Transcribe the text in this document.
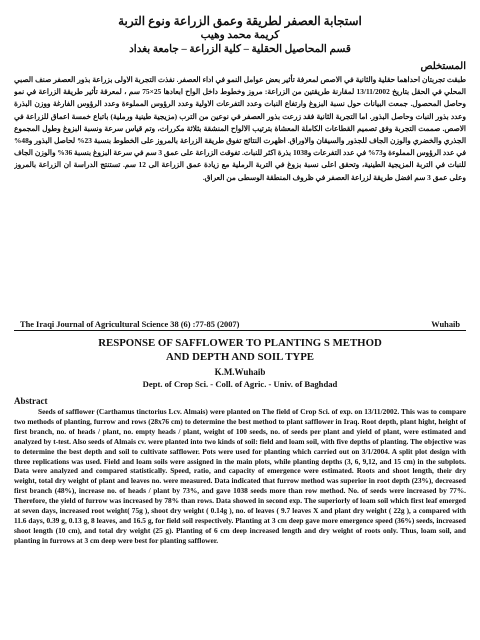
استجابة العصفر لطريقة وعمق الزراعة ونوع التربة
كريمة محمد وهيب
قسم المحاصيل الحقلية – كلية الزراعة – جامعة بغداد
المستخلص
طبقت تجربتان احداهما حقلية والثانية في الاصص لمعرفة تأثير بعض عوامل النمو في اداء العصفر. نفذت التجربة الاولى بزراعة بذور العصفر صنف الصبي المحلي في الحقل بتاريخ 13/11/2002 لمقارنة طريقتين من الزراعة: مروز وخطوط داخل الواح ابعادها 25×75 سم ، لمعرفة تأثير طريقة الزراعة في نمو وحاصل المحصول. جمعت البيانات حول نسبة البزوغ وارتفاع النبات وعدد التفرعات الاولية وعدد الرؤوس المملوءة وعدد الرؤوس الفارغة ووزن البذرة وعدد بذور النبات وحاصل البذور. اما التجربة الثانية فقد زرعت بذور العصفر في نوعين من الترب (مزيجية طينية ورملية) باتباع خمسة اعماق للزراعة في الاصص. صممت التجربة وفق تصميم القطاعات الكاملة المعشاة بترتيب الالواح المنشقة بثلاثة مكررات، وتم قياس سرعة ونسبة البزوغ وطول المجموع الجذري والخضري والوزن الجاف للجذور والسيقان والاوراق. اظهرت النتائج تفوق طريقة الزراعة بالمروز على الخطوط بنسبة 23% لحاصل البذور و48% في عدد الرؤوس المملوءة و73% في عدد التفرعات و1038 بذرة اكثر للنبات. تفوقت الزراعة على عمق 3 سم في سرعة البزوغ بنسبة 36% والوزن الجاف للنبات في التربة المزيجية الطينية، وتحقق اعلى نسبة بزوغ في التربة الرملية مع زيادة عمق الزراعة الى 12 سم. تستنتج الدراسة ان الزراعة بالمروز وعلى عمق 3 سم افضل طريقة لزراعة العصفر في ظروف المنطقة الوسطى من العراق.
The Iraqi Journal of Agricultural Science 38 (6) :77-85 (2007)	Wuhaib
RESPONSE OF SAFFLOWER TO PLANTING S METHOD
AND DEPTH AND SOIL TYPE
K.M.Wuhaib
Dept. of Crop Sci. - Coll. of Agric. - Univ. of Baghdad
Abstract
Seeds of safflower (Carthamus tinctorius Lcv. Almais) were planted on The field of Crop Sci. of exp. on 13/11/2002. This was to compare two methods of planting, furrow and rows (28x76 cm) to determine the best method to plant safflower in Iraq. Root depth, plant hight, height of first branch, no. of heads / plant, no. empty heads / plant, weight of 100 seeds, no. of seeds per plant and yield of plant, were estimated and analyzed by t-test. Also seeds of Almais cv. were planted into two kinds of soil: field and loam soil, with five depths of planting. The objective was to determine the best depth and soil to cultivate safflower. Pots were used for planting which carried out on 3/1/2004. A split plot design with three replications was used. Field and loam soils were assigned in the main plots, while planting depths (3, 6, 9,12, and 15 cm) in the subplots. Data were analyzed and compared statistically. Speed, ratio, and capacity of emergence were estimated. Roots and shoot length, their dry weight, total dry weight of plant and leaves no. were measured. Data indicated that furrow method was superior in root depth (23%), decreased first branch (48%), increase no. of heads / plant by 73%, and gave 1038 seeds more than row method. No. of seeds were increased by 77%. Therefore, the yield of furrow was increased by 78% than rows. Data showed in second exp. The superiorly of loam soil which first leaf emerged at seven days, increased root weight( 75g ), shoot dry weight ( 0.14g ), no. of leaves ( 9.7 leaves X and plant dry weight ( 22g ), a compared with 11.6 days, 0.39 g, 0.13 g, 8 leaves, and 16.5 g, for field soil respectively. Planting at 3 cm deep gave more emergence speed (36%) seeds, increased shoot length (10 cm), and total dry weight (25 g). Planting of 6 cm deep increased length and dry weight of roots only. Thus, loam soil, and planting in furrows at 3 cm deep were best for planting safflower.
